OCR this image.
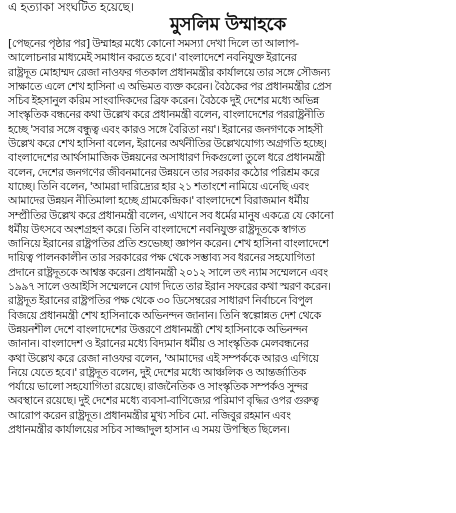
এ হত্যাকা সংঘটিত হয়েছে।
মুসলিম উম্মাহকে
[পেছনের পৃষ্ঠার পর] উম্মাহর মধ্যে কোনো সমস্যা দেখা দিলে তা আলাপ-
আলোচনার মাধ্যমেই সমাধান করতে হবে।' বাংলাদেশে নবনিযুক্ত ইরানের
রাষ্ট্রদূত মোহাম্মদ রেজা নাওফর গতকাল প্রধানমন্ত্রীর কার্যালয়ে তার সঙ্গে সৌজন্য
সাক্ষাতে এলে শেখ হাসিনা এ অভিমত ব্যক্ত করেন। বৈঠকের পর প্রধানমন্ত্রীর প্রেস
সচিব ইহসানুল করিম সাংবাদিকদের ব্রিফ করেন। বৈঠকে দুই দেশের মধ্যে অভিন্ন
সাংস্কৃতিক বন্ধনের কথা উল্লেখ করে প্রধানমন্ত্রী বলেন, বাংলাদেশের পররাষ্ট্রনীতি
হচ্ছে 'সবার সঙ্গে বন্ধুত্ব এবং কারও সঙ্গে বৈরিতা নয়'। ইরানের জনগণকে সাহসী
উল্লেখ করে শেখ হাসিনা বলেন, ইরানের অর্থনীতির উল্লেখযোগ্য অগ্রগতি হচ্ছে।
বাংলাদেশের আর্থসামাজিক উন্নয়নের অসাধারণ দিকগুলো তুলে ধরে প্রধানমন্ত্রী
বলেন, দেশের জনগণের জীবনমানের উন্নয়নে তার সরকার কঠোর পরিশ্রম করে
যাচ্ছে। তিনি বলেন, 'আমরা দারিদ্র্যের হার ২১ শতাংশে নামিয়ে এনেছি এবং
আমাদের উন্নয়ন নীতিমালা হচ্ছে গ্রামকেন্দ্রিক।' বাংলাদেশে বিরাজমান ধর্মীয়
সম্প্রীতির উল্লেখ করে প্রধানমন্ত্রী বলেন, এখানে সব ধর্মের মানুষ একত্রে যে কোনো
ধর্মীয় উৎসবে অংশগ্রহণ করে। তিনি বাংলাদেশে নবনিযুক্ত রাষ্ট্রদূতকে স্বাগত
জানিয়ে ইরানের রাষ্ট্রপতির প্রতি শুভেচ্ছা জ্ঞাপন করেন। শেখ হাসিনা বাংলাদেশে
দায়িত্ব পালনকালীন তার সরকারের পক্ষ থেকে সম্ভাব্য সব ধরনের সহযোগিতা
প্রদানে রাষ্ট্রদূতকে আশ্বস্ত করেন। প্রধানমন্ত্রী ২০১২ সালে তৎ ন্যাম সম্মেলনে এবং
১৯৯৭ সালে ওআইসি সম্মেলনে যোগ দিতে তার ইরান সফরের কথা স্মরণ করেন।
রাষ্ট্রদূত ইরানের রাষ্ট্রপতির পক্ষ থেকে ৩০ ডিসেম্বরের সাধারণ নির্বাচনে বিপুল
বিজয়ে প্রধানমন্ত্রী শেখ হাসিনাকে অভিনন্দন জানান। তিনি স্বল্পোন্নত দেশ থেকে
উন্নয়নশীল দেশে বাংলাদেশের উত্তরণে প্রধানমন্ত্রী শেখ হাসিনাকে অভিনন্দন
জানান। বাংলাদেশ ও ইরানের মধ্যে বিদ্যমান ধর্মীয় ও সাংস্কৃতিক মেলবন্ধনের
কথা উল্লেখ করে রেজা নাওফর বলেন, 'আমাদের এই সম্পর্ককে আরও এগিয়ে
নিয়ে যেতে হবে।' রাষ্ট্রদূত বলেন, দুই দেশের মধ্যে আঞ্চলিক ও আন্তর্জাতিক
পর্যায়ে ভালো সহযোগিতা রয়েছে। রাজনৈতিক ও সাংস্কৃতিক সম্পর্কও সুন্দর
অবস্থানে রয়েছে। দুই দেশের মধ্যে ব্যবসা-বাণিজ্যের পরিমাণ বৃদ্ধির ওপর গুরুত্ব
আরোপ করেন রাষ্ট্রদূত। প্রধানমন্ত্রীর মুখ্য সচিব মো. নজিবুর রহমান এবং
প্রধানমন্ত্রীর কার্যালয়ের সচিব সাজ্জাদুল হাসান এ সময় উপস্থিত ছিলেন।
